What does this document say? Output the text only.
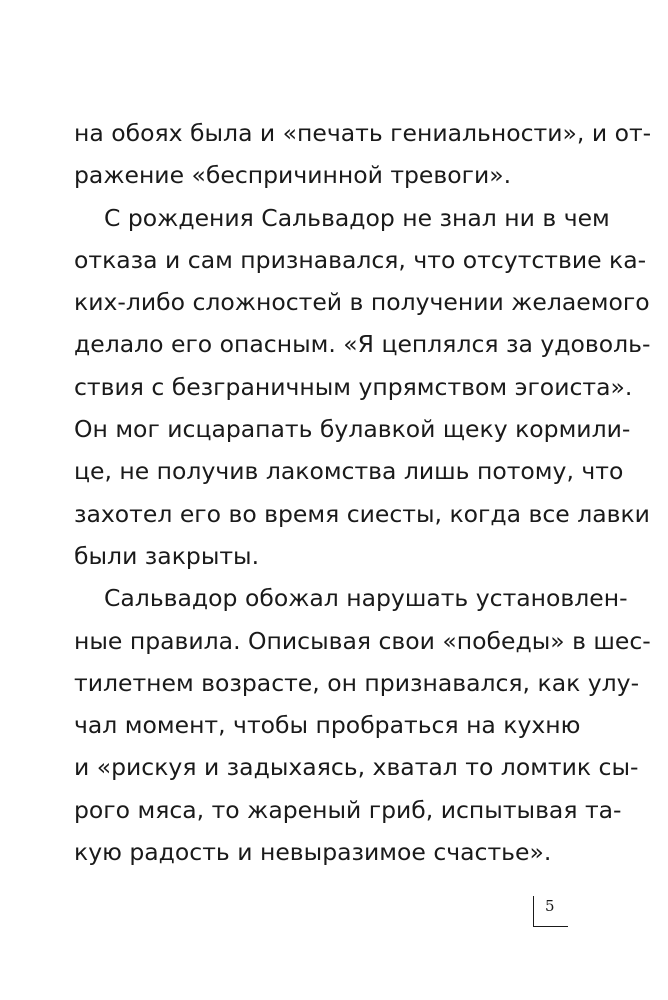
на обоях была и «печать гениальности», и от-
ражение «беспричинной тревоги».
С рождения Сальвадор не знал ни в чем
отказа и сам признавался, что отсутствие ка-
ких-либо сложностей в получении желаемого
делало его опасным. «Я цеплялся за удоволь-
ствия с безграничным упрямством эгоиста».
Он мог исцарапать булавкой щеку кормили-
це, не получив лакомства лишь потому, что
захотел его во время сиесты, когда все лавки
были закрыты.
Сальвадор обожал нарушать установлен-
ные правила. Описывая свои «победы» в шес-
тилетнем возрасте, он признавался, как улу-
чал момент, чтобы пробраться на кухню
и «рискуя и задыхаясь, хватал то ломтик сы-
рого мяса, то жареный гриб, испытывая та-
кую радость и невыразимое счастье».
5
